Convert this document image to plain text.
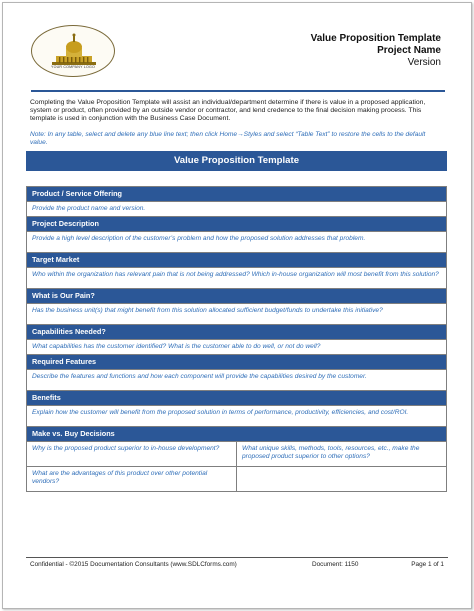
YOUR COMPANY LOGO
Value Proposition Template
Project Name
Version
Completing the Value Proposition Template will assist an individual/department determine if there is value in a proposed application, system or product, often provided by an outside vendor or contractor, and lend credence to the final decision making process. This template is used in conjunction with the Business Case Document.
Note: In any table, select and delete any blue line text; then click Home→Styles and select “Table Text” to restore the cells to the default value.
Value Proposition Template
Product / Service Offering
Provide the product name and version.
Project Description
Provide a high level description of the customer’s problem and how the proposed solution addresses that problem.
Target Market
Who within the organization has relevant pain that is not being addressed? Which in-house organization will most benefit from this solution?
What is Our Pain?
Has the business unit(s) that might benefit from this solution allocated sufficient budget/funds to undertake this initiative?
Capabilities Needed?
What capabilities has the customer identified? What is the customer able to do well, or not do well?
Required Features
Describe the features and functions and how each component will provide the capabilities desired by the customer.
Benefits
Explain how the customer will benefit from the proposed solution in terms of performance, productivity, efficiencies, and cost/ROI.
Make vs. Buy Decisions
Why is the proposed product superior to in-house development?	What unique skills, methods, tools, resources, etc., make the proposed product superior to other options?
What are the advantages of this product over other potential vendors?
Confidential - ©2015 Documentation Consultants (www.SDLCforms.com)	Document: 1150	Page 1 of 1
